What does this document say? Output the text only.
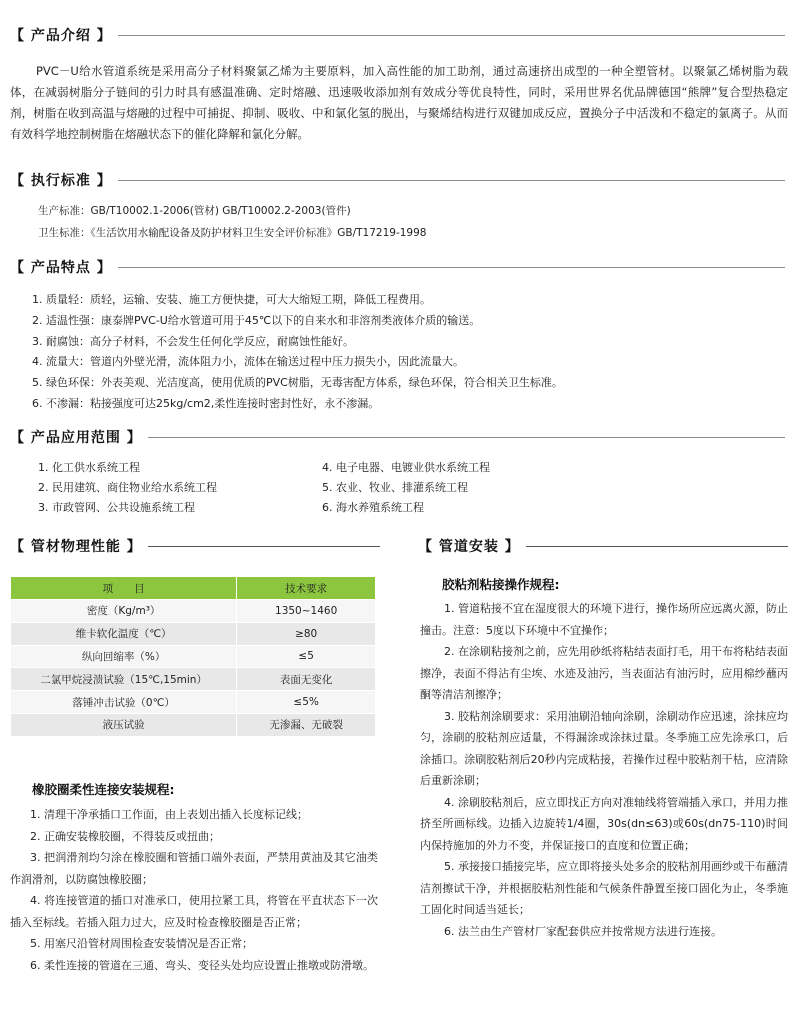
【 产品介绍 】

PVC－U给水管道系统是采用高分子材料聚氯乙烯为主要原料，加入高性能的加工助剂，通过高速挤出成型的一种全塑管材。以聚氯乙烯树脂为载体，在减弱树脂分子链间的引力时具有感温准确、定时熔融、迅速吸收添加剂有效成分等优良特性，同时，采用世界名优品牌德国“熊牌”复合型热稳定剂，树脂在收到高温与熔融的过程中可捕捉、抑制、吸收、中和氯化氢的脱出，与聚烯结构进行双键加成反应，置换分子中活泼和不稳定的氯离子。从而有效科学地控制树脂在熔融状态下的催化降解和氯化分解。

【 执行标准 】
生产标准：GB/T10002.1-2006(管材) GB/T10002.2-2003(管件)
卫生标准：《生活饮用水输配设备及防护材料卫生安全评价标准》GB/T17219-1998
【 产品特点 】
1. 质量轻：质轻，运输、安装、施工方便快捷，可大大缩短工期，降低工程费用。
2. 适温性强：康泰牌PVC-U给水管道可用于45℃以下的自来水和非溶剂类液体介质的输送。
3. 耐腐蚀：高分子材料，不会发生任何化学反应，耐腐蚀性能好。
4. 流量大：管道内外壁光滑，流体阻力小，流体在输送过程中压力损失小，因此流量大。
5. 绿色环保：外表美观、光洁度高，使用优质的PVC树脂，无毒害配方体系，绿色环保，符合相关卫生标准。
6. 不渗漏：粘接强度可达25kg/cm2,柔性连接时密封性好，永不渗漏。
【 产品应用范围 】
1. 化工供水系统工程
2. 民用建筑、商住物业给水系统工程
3. 市政管网、公共设施系统工程
4. 电子电器、电镀业供水系统工程
5. 农业、牧业、排灌系统工程
6. 海水养殖系统工程
【 管材物理性能 】
项　　目	技术要求
密度（Kg/m³）	1350~1460
维卡软化温度（℃）	≥80
纵向回缩率（%）	≤5
二氯甲烷浸溃试验（15℃,15min）	表面无变化
落锤冲击试验（0℃）	≤5%
液压试验	无渗漏、无破裂
橡胶圈柔性连接安装规程:

1. 清理干净承插口工作面，由上表划出插入长度标记线；

2. 正确安装橡胶圈，不得装反或扭曲；

3. 把润滑剂均匀涂在橡胶圈和管插口端外表面，严禁用黄油及其它油类作润滑剂，以防腐蚀橡胶圈；

4. 将连接管道的插口对准承口，使用拉紧工具，将管在平直状态下一次插入至标线。若插入阻力过大，应及时检查橡胶圈是否正常；

5. 用塞尺沿管材周围检查安装情况是否正常；

6. 柔性连接的管道在三通、弯头、变径头处均应设置止推墩或防滑墩。

【 管道安装 】
胶粘剂粘接操作规程:

1. 管道粘接不宜在湿度很大的环境下进行，操作场所应远离火源，防止撞击。注意：5度以下环境中不宜操作；

2. 在涂刷粘接剂之前，应先用砂纸将粘结表面打毛，用干布将粘结表面擦净，表面不得沾有尘埃、水迹及油污，当表面沾有油污时，应用棉纱蘸丙酮等清洁剂擦净；

3. 胶粘剂涂刷要求：采用油刷沿轴向涂刷，涂刷动作应迅速，涂抹应均匀，涂刷的胶粘剂应适量，不得漏涂或涂抹过量。冬季施工应先涂承口，后涂插口。涂刷胶粘剂后20秒内完成粘接，若操作过程中胶粘剂干枯，应清除后重新涂刷；

4. 涂刷胶粘剂后，应立即找正方向对准轴线将管端插入承口，并用力推挤至所画标线。边插入边旋转1/4圈，30s(dn≤63)或60s(dn75-110)时间内保持施加的外力不变，并保证接口的直度和位置正确；

5. 承接接口插接完毕，应立即将接头处多余的胶粘剂用画纱或干布蘸清洁剂擦试干净，并根据胶粘剂性能和气候条件静置至接口固化为止，冬季施工固化时间适当延长；

6. 法兰由生产管材厂家配套供应并按常规方法进行连接。
